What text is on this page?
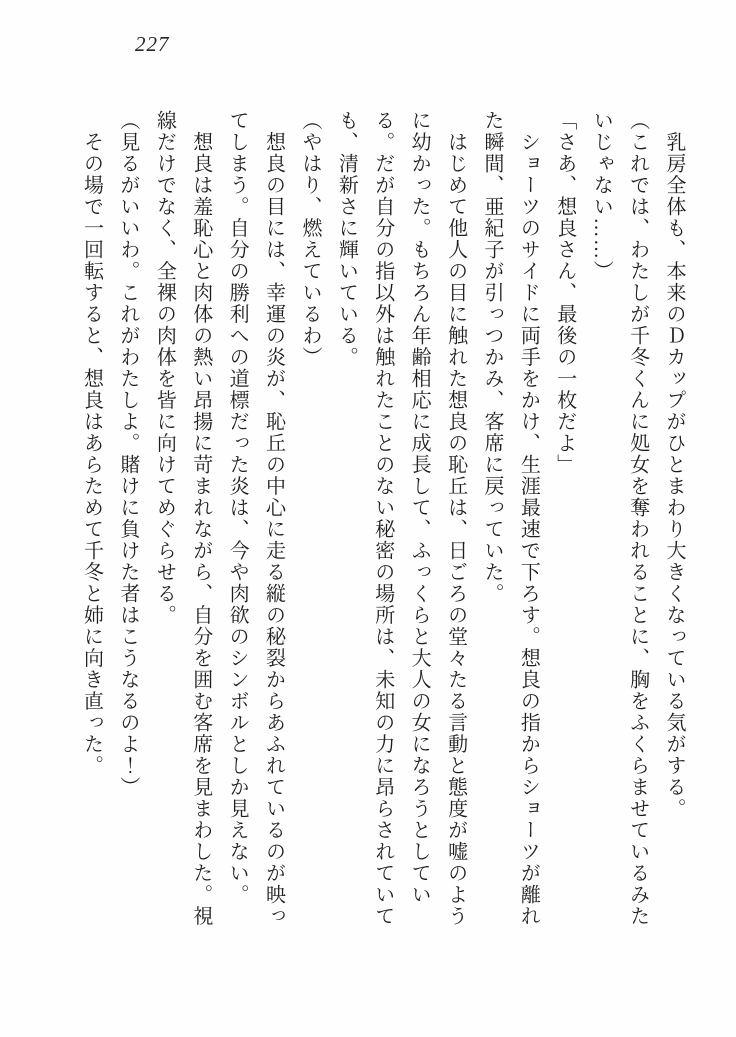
227

　乳房全体も、本来のＤカップがひとまわり大きくなっている気がする。

（これでは、わたしが千冬くんに処女を奪われることに、胸をふくらませているみたいじゃない……）

「さあ、想良さん、最後の一枚だよ」

　ショーツのサイドに両手をかけ、生涯最速で下ろす。想良の指からショーツが離れた瞬間、亜紀子が引っつかみ、客席に戻っていた。

　はじめて他人の目に触れた想良の恥丘は、日ごろの堂々たる言動と態度が嘘のように幼かった。もちろん年齢相応に成長して、ふっくらと大人の女になろうとしている。だが自分の指以外は触れたことのない秘密の場所は、未知の力に昂らされていても、清新さに輝いている。

（やはり、燃えているわ）

　想良の目には、幸運の炎が、恥丘の中心に走る縦の秘裂からあふれているのが映ってしまう。自分の勝利への道標だった炎は、今や肉欲のシンボルとしか見えない。

　想良は羞恥心と肉体の熱い昂揚に苛まれながら、自分を囲む客席を見まわした。視線だけでなく、全裸の肉体を皆に向けてめぐらせる。

（見るがいいわ。これがわたしよ。賭けに負けた者はこうなるのよ！）

　その場で一回転すると、想良はあらためて千冬と姉に向き直った。
